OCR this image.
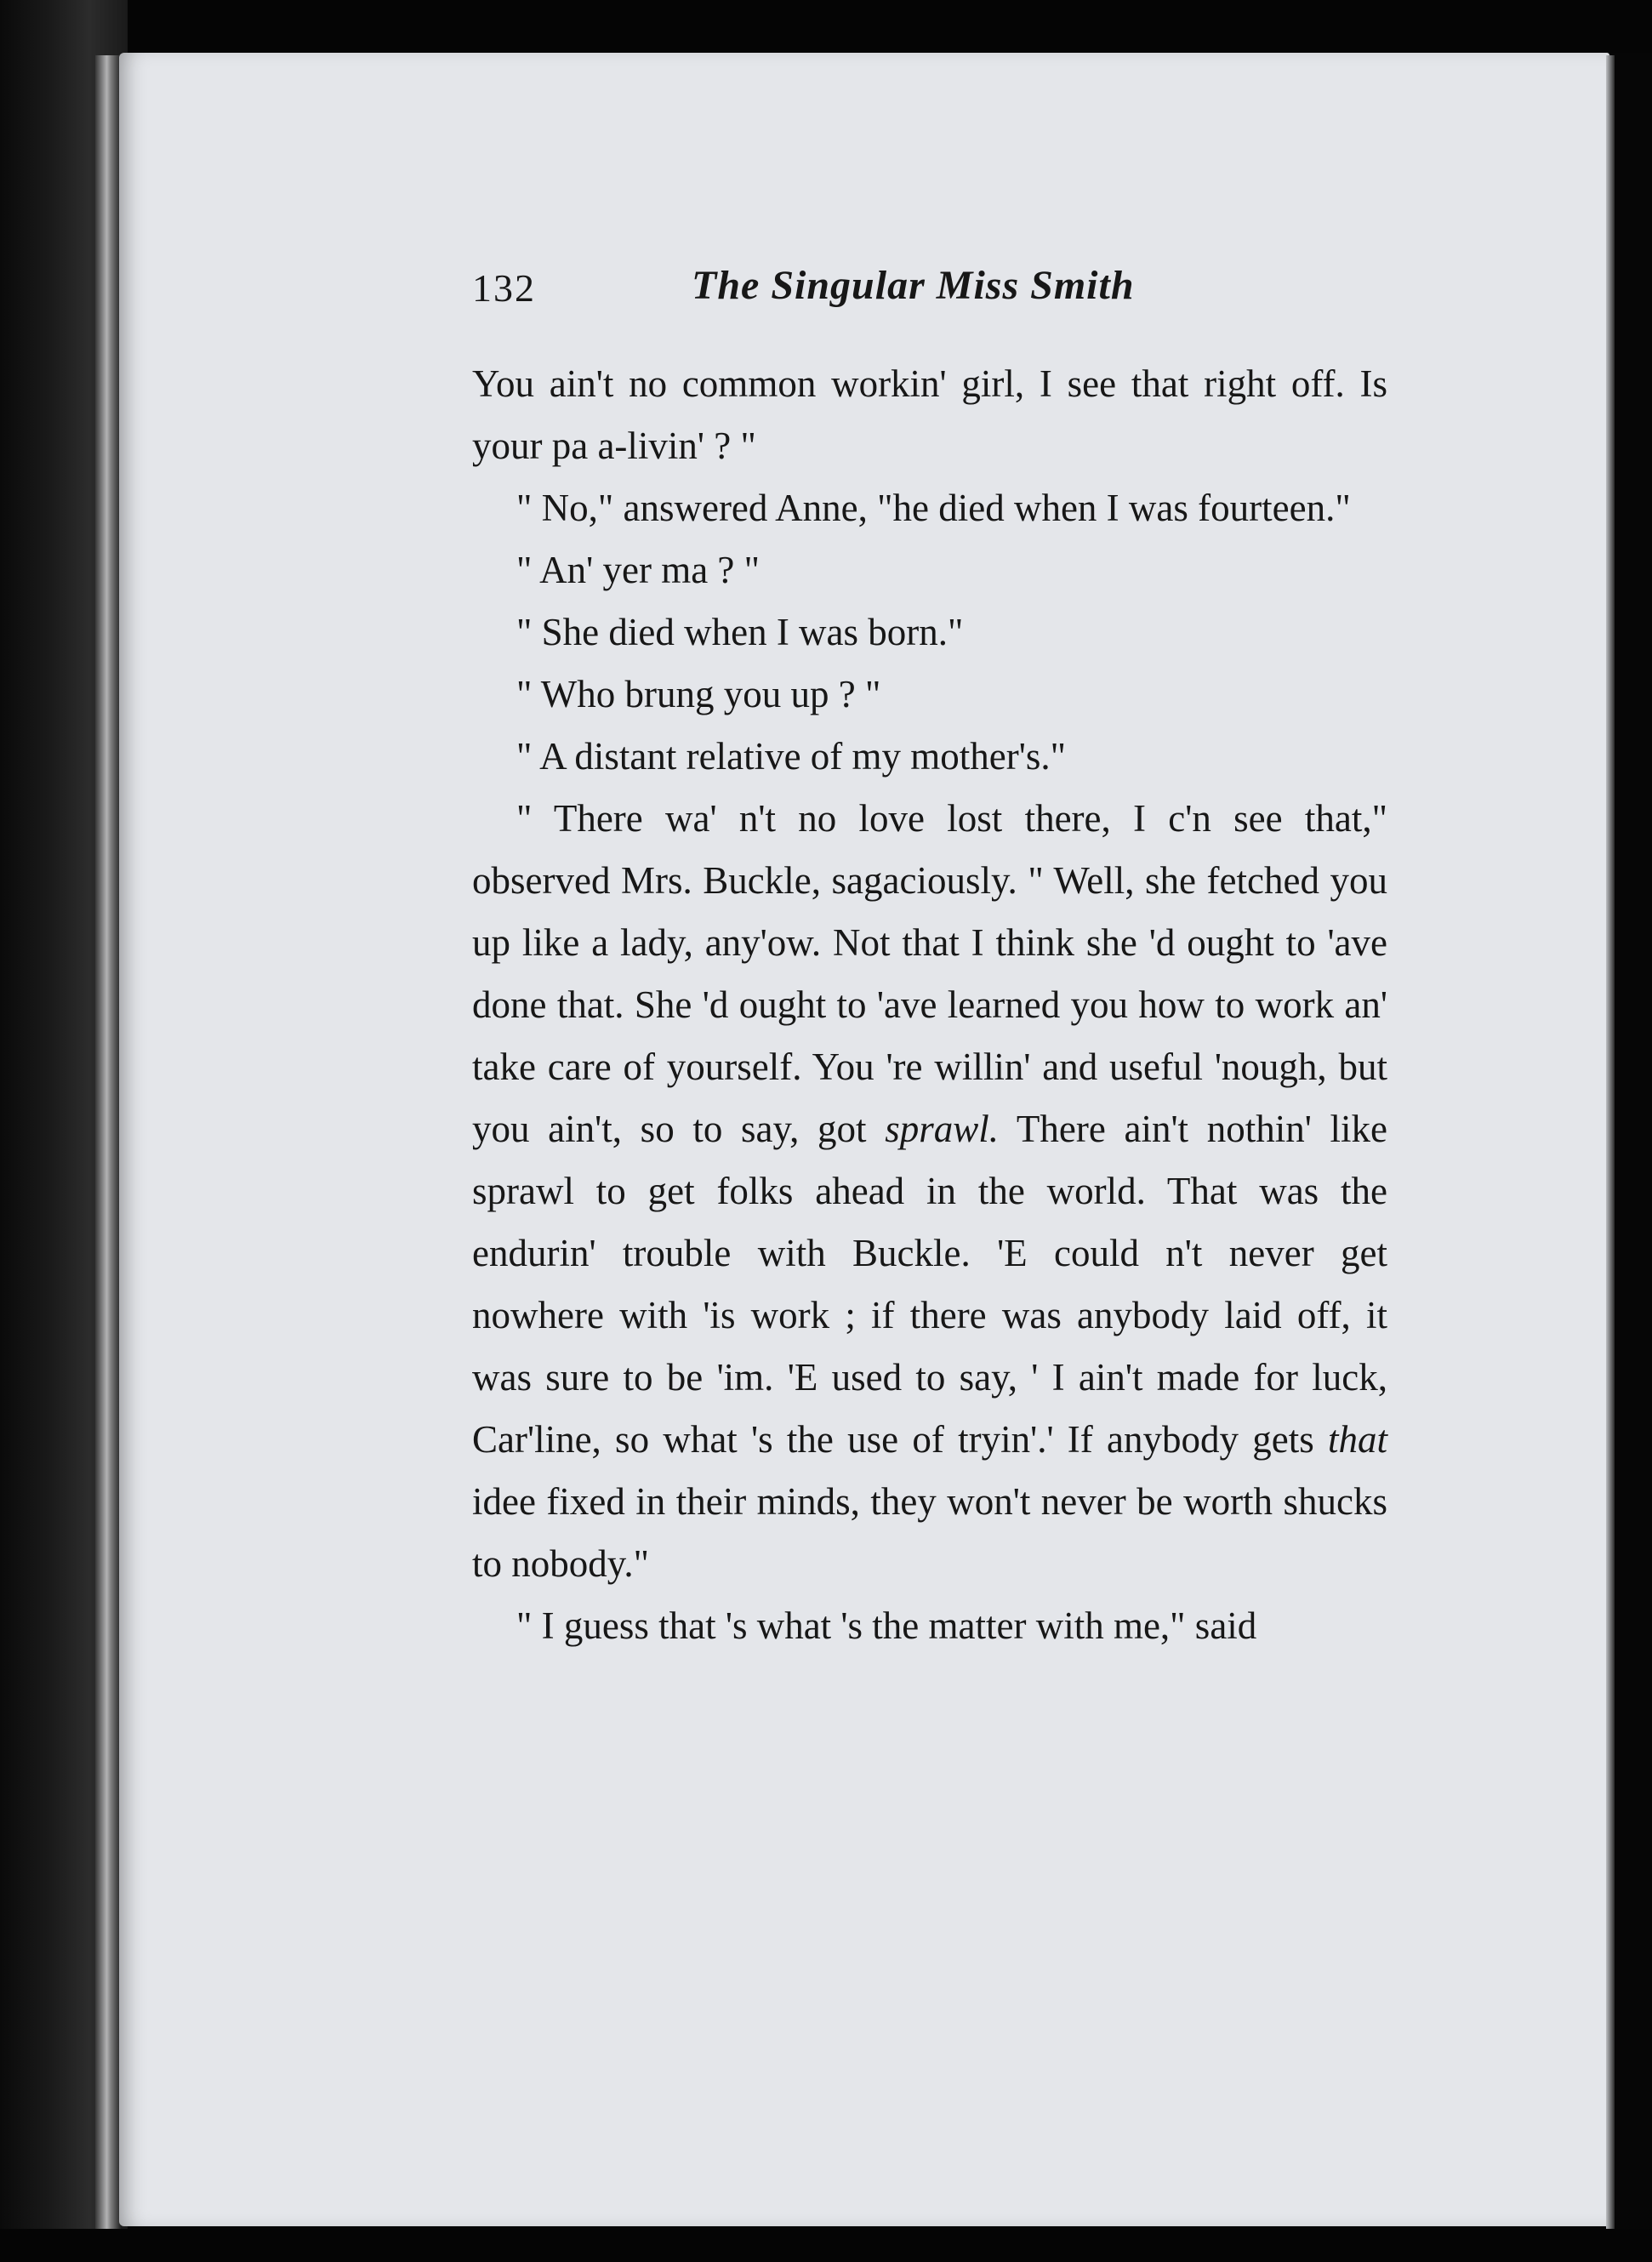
132	The Singular Miss Smith

You ain't no common workin' girl, I see that right off. Is your pa a-livin' ? "

" No," answered Anne, "he died when I was fourteen."

" An' yer ma ? "

" She died when I was born."

" Who brung you up ? "

" A distant relative of my mother's."

" There wa' n't no love lost there, I c'n see that," observed Mrs. Buckle, sagaciously. " Well, she fetched you up like a lady, any'ow. Not that I think she 'd ought to 'ave done that. She 'd ought to 'ave learned you how to work an' take care of yourself. You 're willin' and useful 'nough, but you ain't, so to say, got sprawl. There ain't nothin' like sprawl to get folks ahead in the world. That was the endurin' trouble with Buckle. 'E could n't never get nowhere with 'is work ; if there was anybody laid off, it was sure to be 'im. 'E used to say, ' I ain't made for luck, Car'line, so what 's the use of tryin'.' If anybody gets that idee fixed in their minds, they won't never be worth shucks to nobody."

" I guess that 's what 's the matter with me," said
